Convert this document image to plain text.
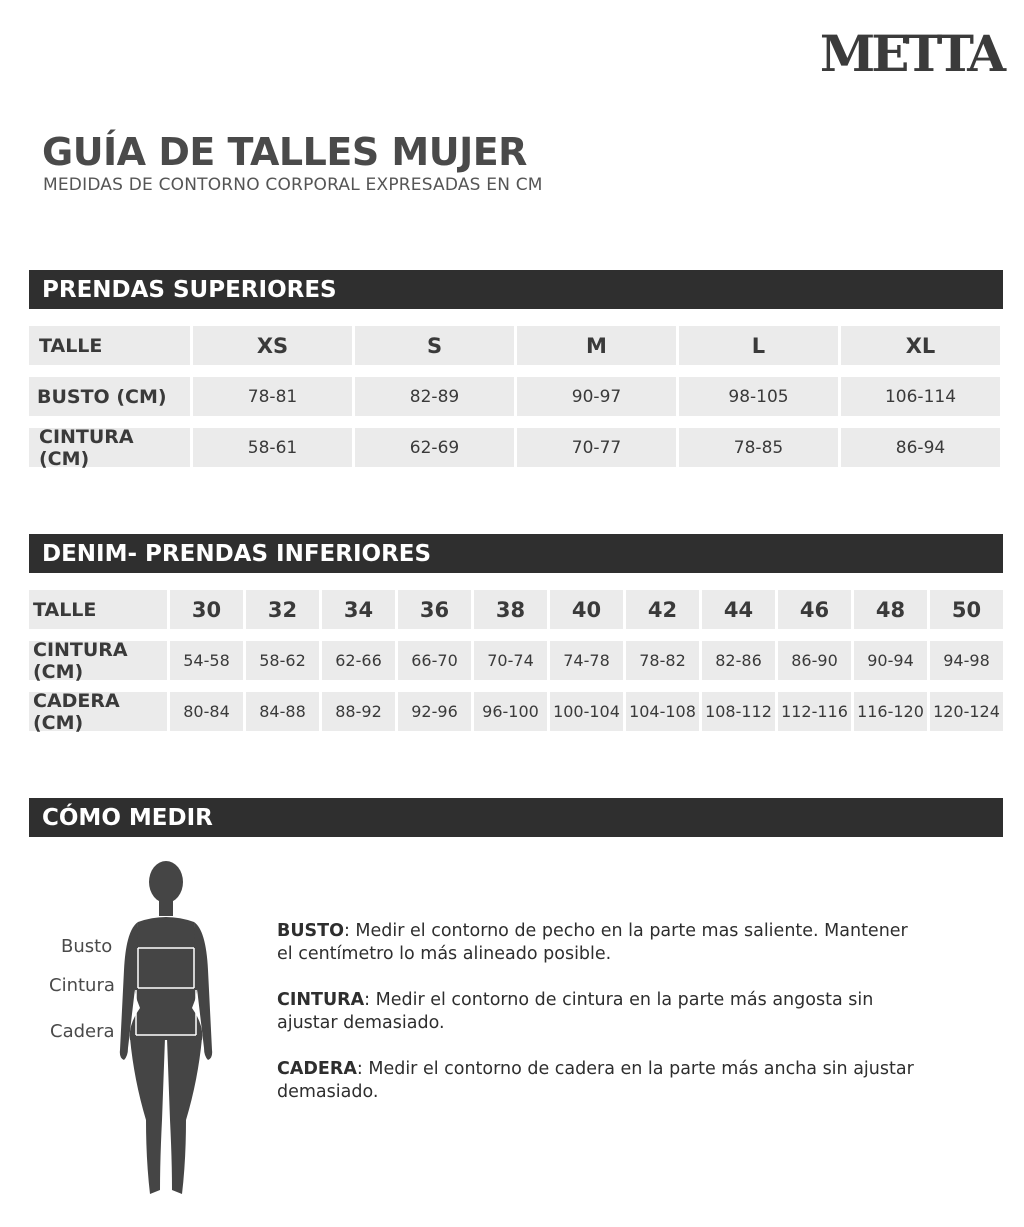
METTA
GUÍA DE TALLES MUJER
MEDIDAS DE CONTORNO CORPORAL EXPRESADAS EN CM
PRENDAS SUPERIORES
TALLE	XS	S	M	L	XL
BUSTO (CM)	78-81	82-89	90-97	98-105	106-114
CINTURA (CM)	58-61	62-69	70-77	78-85	86-94
DENIM- PRENDAS INFERIORES
TALLE	30	32	34	36	38	40	42	44	46	48	50
CINTURA (CM)	54-58	58-62	62-66	66-70	70-74	74-78	78-82	82-86	86-90	90-94	94-98
CADERA (CM)	80-84	84-88	88-92	92-96	96-100 100-104 104-108 108-112 112-116 116-120 120-124
CÓMO MEDIR
Busto
Cintura
Cadera

BUSTO: Medir el contorno de pecho en la parte mas saliente. Mantener el centímetro lo más alineado posible.

CINTURA: Medir el contorno de cintura en la parte más angosta sin ajustar demasiado.

CADERA: Medir el contorno de cadera en la parte más ancha sin ajustar demasiado.
